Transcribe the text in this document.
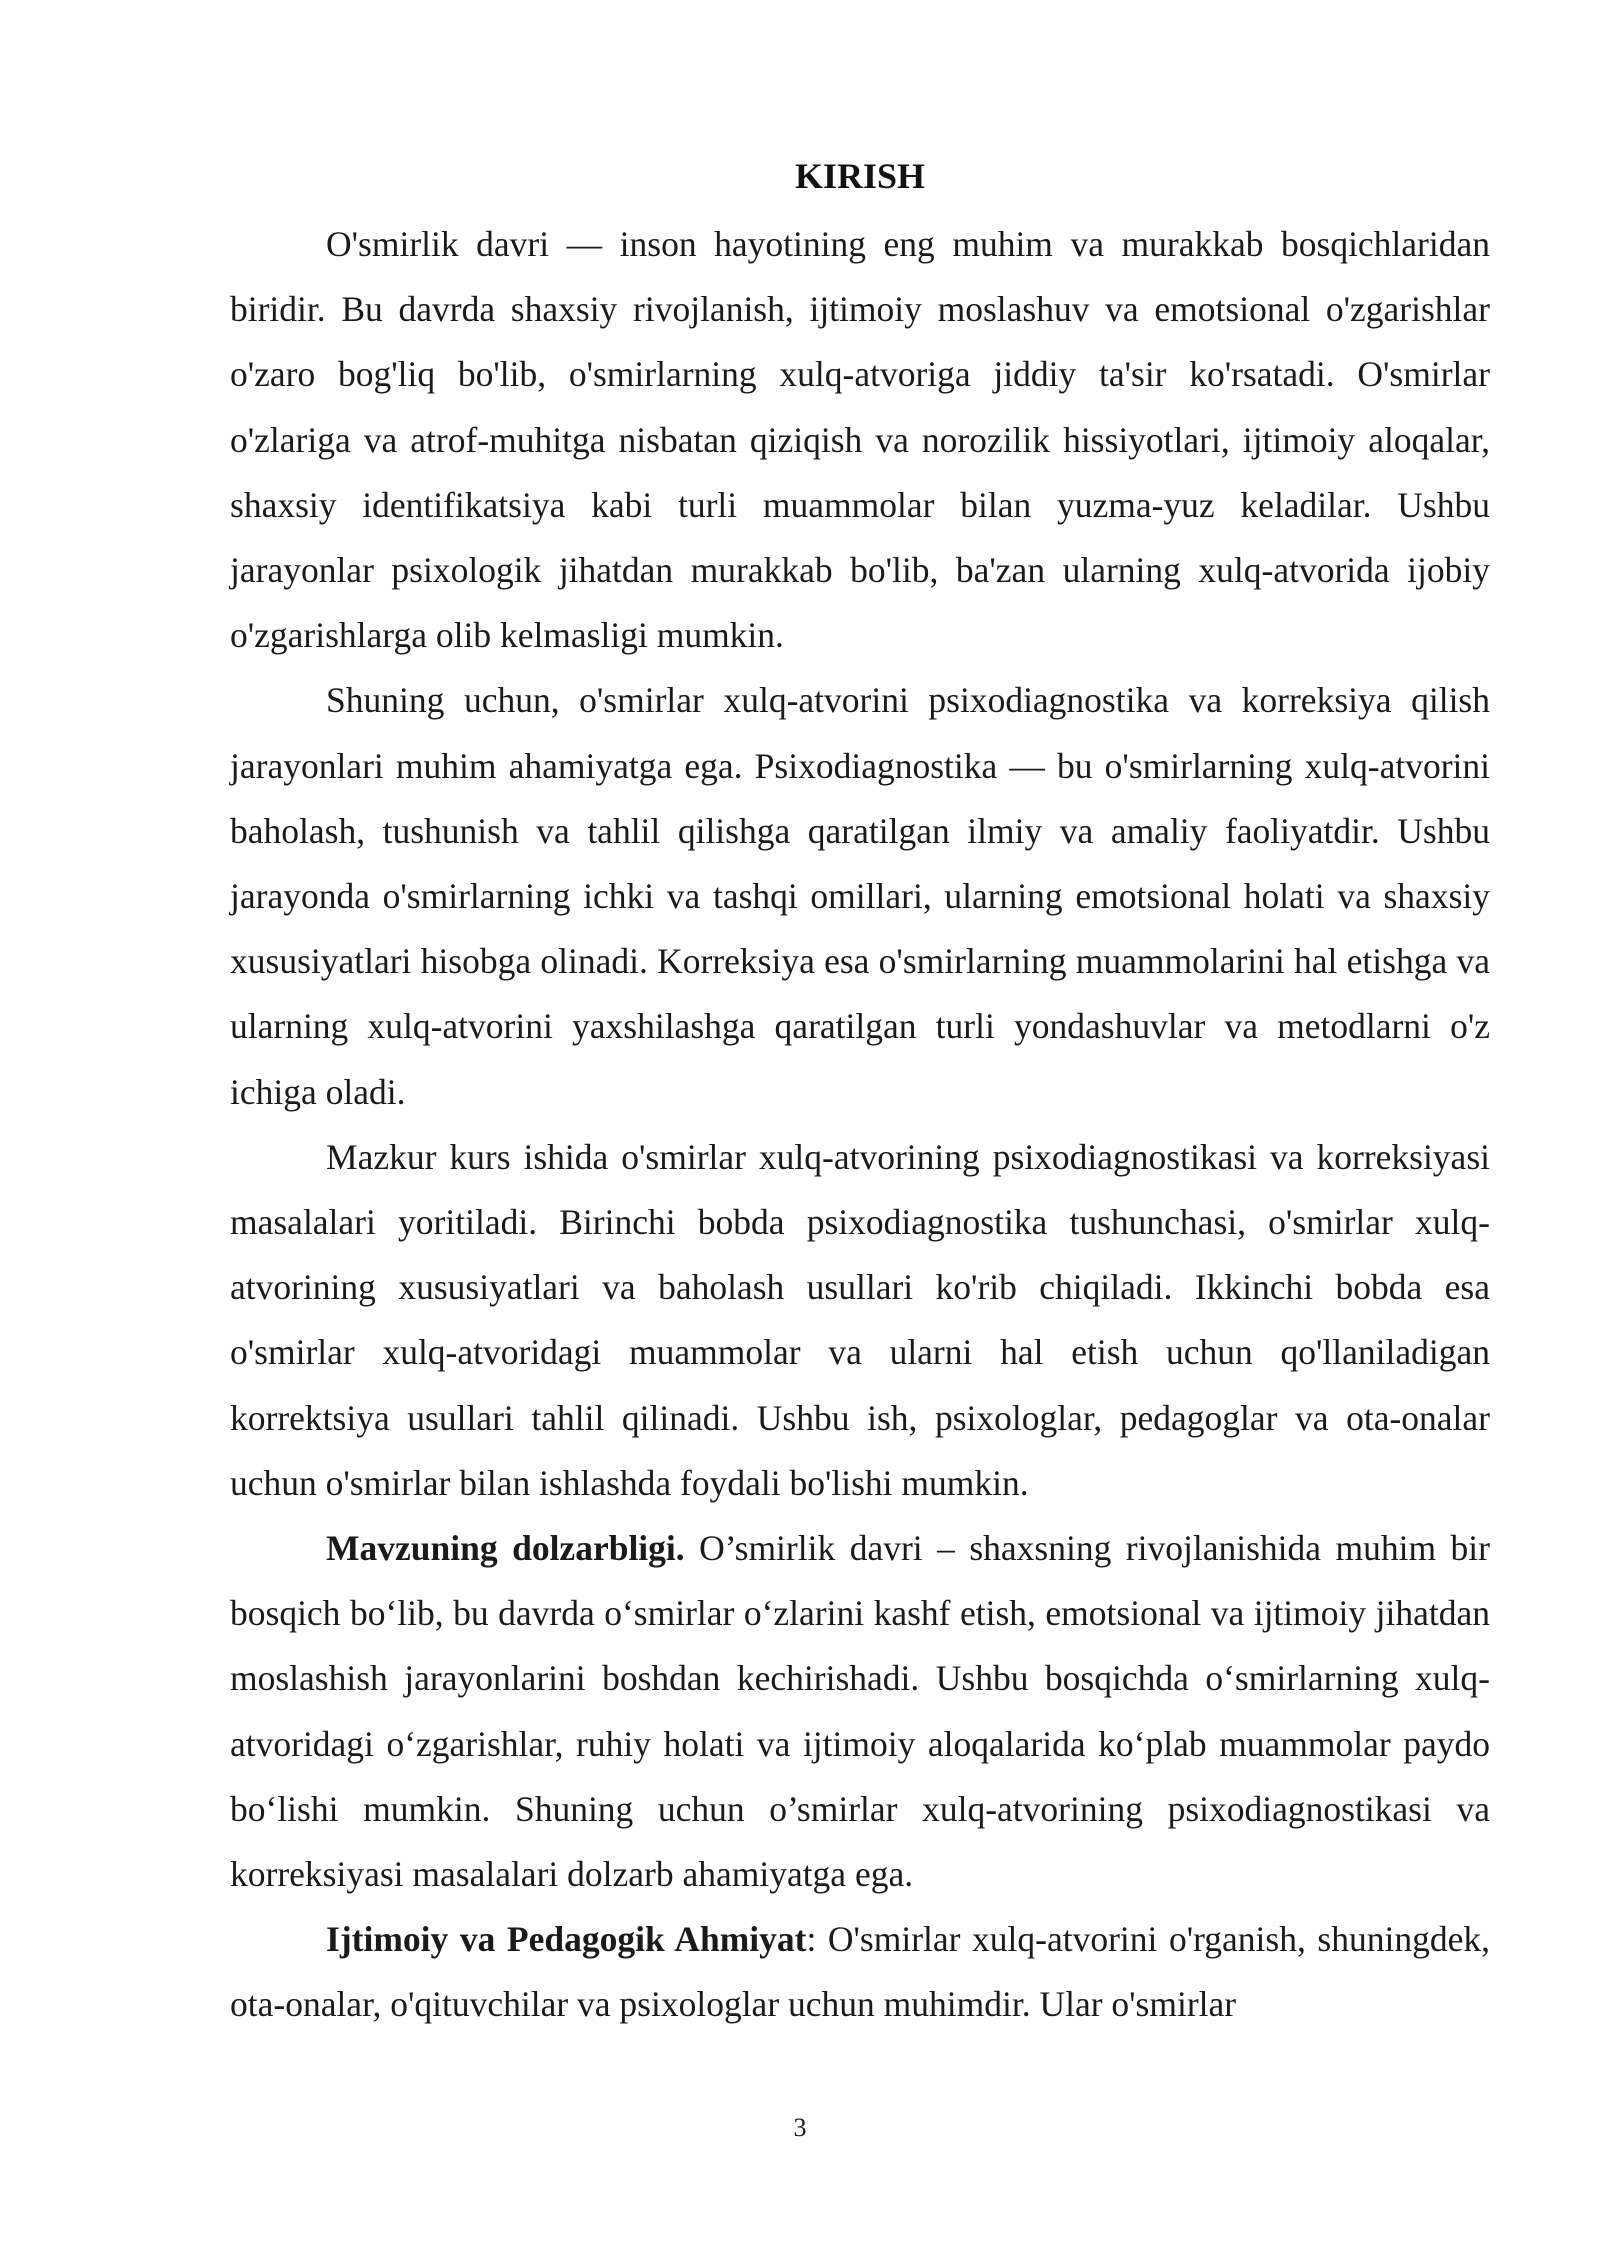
KIRISH

O'smirlik davri — inson hayotining eng muhim va murakkab bosqichlaridan biridir. Bu davrda shaxsiy rivojlanish, ijtimoiy moslashuv va emotsional o'zgarishlar o'zaro bog'liq bo'lib, o'smirlarning xulq-atvoriga jiddiy ta'sir ko'rsatadi. O'smirlar o'zlariga va atrof-muhitga nisbatan qiziqish va norozilik hissiyotlari, ijtimoiy aloqalar, shaxsiy identifikatsiya kabi turli muammolar bilan yuzma-yuz keladilar. Ushbu jarayonlar psixologik jihatdan murakkab bo'lib, ba'zan ularning xulq-atvorida ijobiy o'zgarishlarga olib kelmasligi mumkin.

Shuning uchun, o'smirlar xulq-atvorini psixodiagnostika va korreksiya qilish jarayonlari muhim ahamiyatga ega. Psixodiagnostika — bu o'smirlarning xulq-atvorini baholash, tushunish va tahlil qilishga qaratilgan ilmiy va amaliy faoliyatdir. Ushbu jarayonda o'smirlarning ichki va tashqi omillari, ularning emotsional holati va shaxsiy xususiyatlari hisobga olinadi. Korreksiya esa o'smirlarning muammolarini hal etishga va ularning xulq-atvorini yaxshilashga qaratilgan turli yondashuvlar va metodlarni o'z ichiga oladi.

Mazkur kurs ishida o'smirlar xulq-atvorining psixodiagnostikasi va korreksiyasi masalalari yoritiladi. Birinchi bobda psixodiagnostika tushunchasi, o'smirlar xulq-atvorining xususiyatlari va baholash usullari ko'rib chiqiladi. Ikkinchi bobda esa o'smirlar xulq-atvoridagi muammolar va ularni hal etish uchun qo'llaniladigan korrektsiya usullari tahlil qilinadi. Ushbu ish, psixologlar, pedagoglar va ota-onalar uchun o'smirlar bilan ishlashda foydali bo'lishi mumkin.

Mavzuning dolzarbligi. O’smirlik davri – shaxsning rivojlanishida muhim bir bosqich bo‘lib, bu davrda o‘smirlar o‘zlarini kashf etish, emotsional va ijtimoiy jihatdan moslashish jarayonlarini boshdan kechirishadi. Ushbu bosqichda o‘smirlarning xulq-atvoridagi o‘zgarishlar, ruhiy holati va ijtimoiy aloqalarida ko‘plab muammolar paydo bo‘lishi mumkin. Shuning uchun o’smirlar xulq-atvorining psixodiagnostikasi va korreksiyasi masalalari dolzarb ahamiyatga ega.

Ijtimoiy va Pedagogik Ahmiyat: O'smirlar xulq-atvorini o'rganish, shuningdek, ota-onalar, o'qituvchilar va psixologlar uchun muhimdir. Ular o'smirlar

3
